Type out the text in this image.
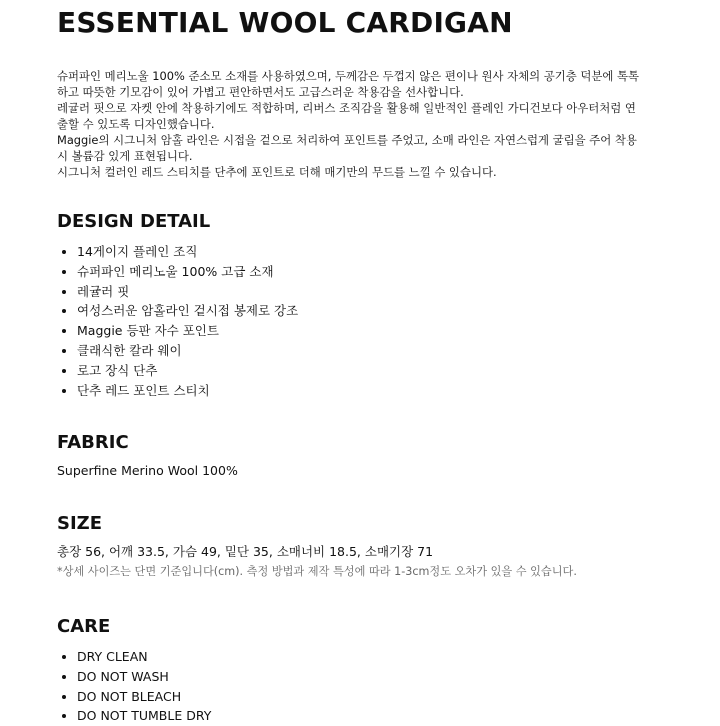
ESSENTIAL WOOL CARDIGAN

슈퍼파인 메리노울 100% 준소모 소재를 사용하였으며, 두께감은 두껍지 않은 편이나 원사 자체의 공기층 덕분에 톡톡

하고 따뜻한 기모감이 있어 가볍고 편안하면서도 고급스러운 착용감을 선사합니다.

레귤러 핏으로 자켓 안에 착용하기에도 적합하며, 리버스 조직감을 활용해 일반적인 플레인 가디건보다 아우터처럼 연

출할 수 있도록 디자인했습니다.

Maggie의 시그니처 암홀 라인은 시접을 겉으로 처리하여 포인트를 주었고, 소매 라인은 자연스럽게 굴림을 주어 착용

시 볼륨감 있게 표현됩니다.

시그니처 컬러인 레드 스티치를 단추에 포인트로 더해 매기만의 무드를 느낄 수 있습니다.

DESIGN DETAIL
14게이지 플레인 조직
슈퍼파인 메리노울 100% 고급 소재
레귤러 핏
여성스러운 암홀라인 겉시접 봉제로 강조
Maggie 등판 자수 포인트
클래식한 칼라 웨이
로고 장식 단추
단추 레드 포인트 스티치
FABRIC

Superfine Merino Wool 100%

SIZE

총장 56, 어깨 33.5, 가슴 49, 밑단 35, 소매너비 18.5, 소매기장 71

*상세 사이즈는 단면 기준입니다(cm). 측정 방법과 제작 특성에 따라 1-3cm정도 오차가 있을 수 있습니다.

CARE
DRY CLEAN
DO NOT WASH
DO NOT BLEACH
DO NOT TUMBLE DRY
